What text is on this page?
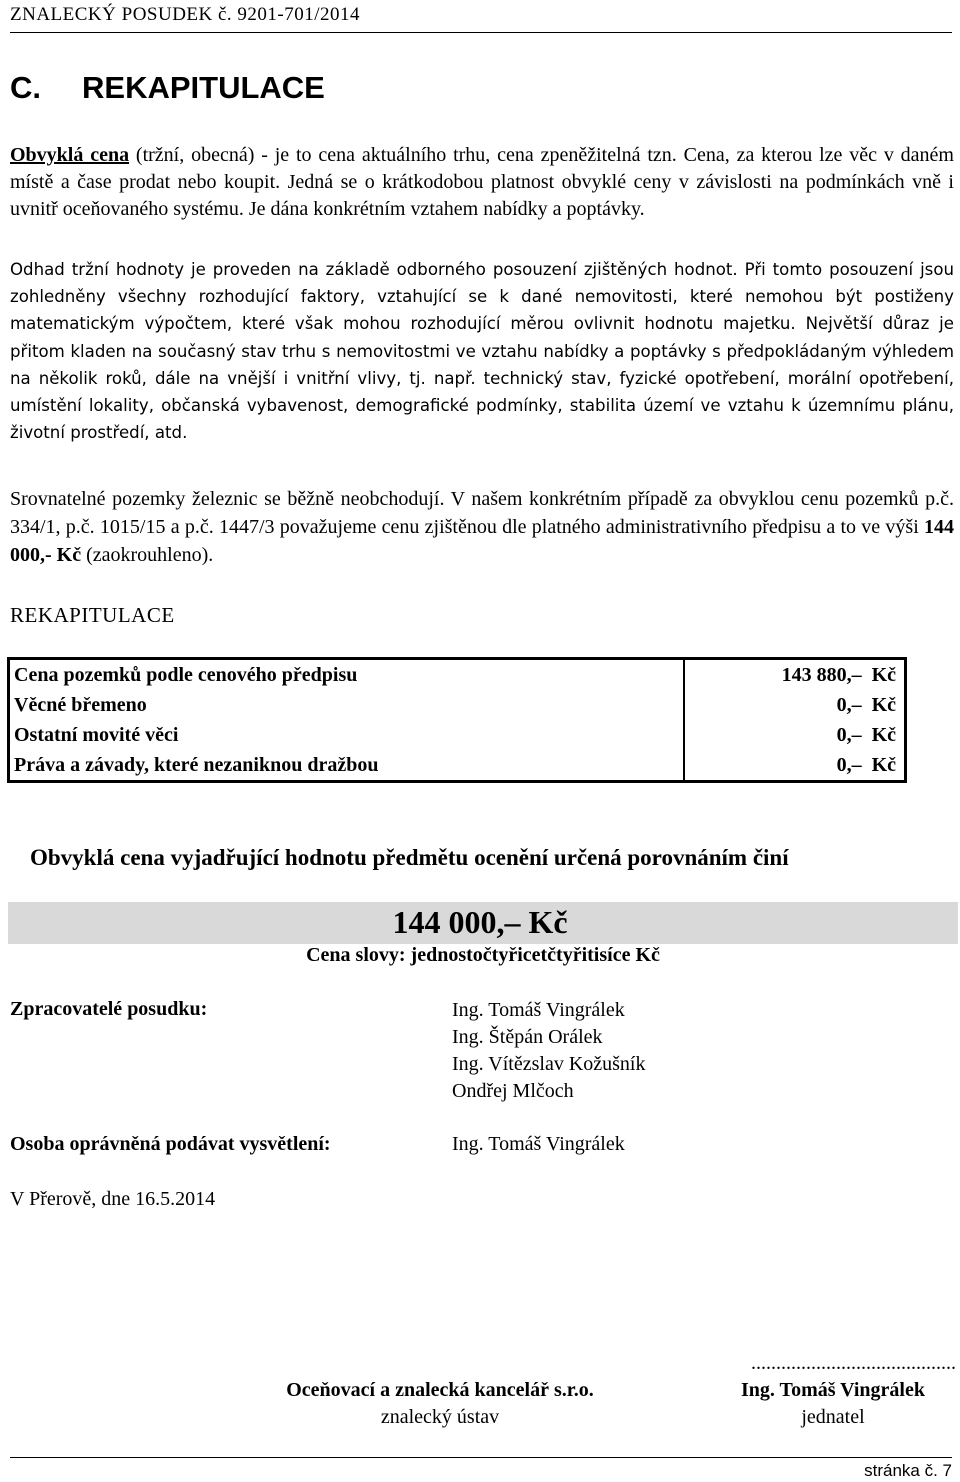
ZNALECKÝ POSUDEK č. 9201-701/2014
C. REKAPITULACE
Obvyklá cena (tržní, obecná) - je to cena aktuálního trhu, cena zpeněžitelná tzn. Cena, za kterou lze věc v daném místě a čase prodat nebo koupit. Jedná se o krátkodobou platnost obvyklé ceny v závislosti na podmínkách vně i uvnitř oceňovaného systému. Je dána konkrétním vztahem nabídky a poptávky.
Odhad tržní hodnoty je proveden na základě odborného posouzení zjištěných hodnot. Při tomto posouzení jsou zohledněny všechny rozhodující faktory, vztahující se k dané nemovitosti, které nemohou být postiženy matematickým výpočtem, které však mohou rozhodující měrou ovlivnit hodnotu majetku. Největší důraz je přitom kladen na současný stav trhu s nemovitostmi ve vztahu nabídky a poptávky s předpokládaným výhledem na několik roků, dále na vnější i vnitřní vlivy, tj. např. technický stav, fyzické opotřebení, morální opotřebení, umístění lokality, občanská vybavenost, demografické podmínky, stabilita území ve vztahu k územnímu plánu, životní prostředí, atd.
Srovnatelné pozemky železnic se běžně neobchodují. V našem konkrétním případě za obvyklou cenu pozemků p.č. 334/1, p.č. 1015/15 a p.č. 1447/3 považujeme cenu zjištěnou dle platného administrativního předpisu a to ve výši 144 000,- Kč (zaokrouhleno).
REKAPITULACE
Cena pozemků podle cenového předpisu	143 880,–  Kč
Věcné břemeno	0,–  Kč
Ostatní movité věci	0,–  Kč
Práva a závady, které nezaniknou dražbou	0,–  Kč
Obvyklá cena vyjadřující hodnotu předmětu ocenění určená porovnáním činí
144 000,– Kč
Cena slovy: jednostočtyřicetčtyřitisíce Kč
Zpracovatelé posudku:	Ing. Tomáš Vingrálek
Ing. Štěpán Orálek
Ing. Vítězslav Kožušník
Ondřej Mlčoch
Osoba oprávněná podávat vysvětlení:	Ing. Tomáš Vingrálek
V Přerově, dne 16.5.2014
Oceňovací a znalecká kancelář s.r.o.
znalecký ústav
.........................................
Ing. Tomáš Vingrálek
jednatel
stránka č. 7
